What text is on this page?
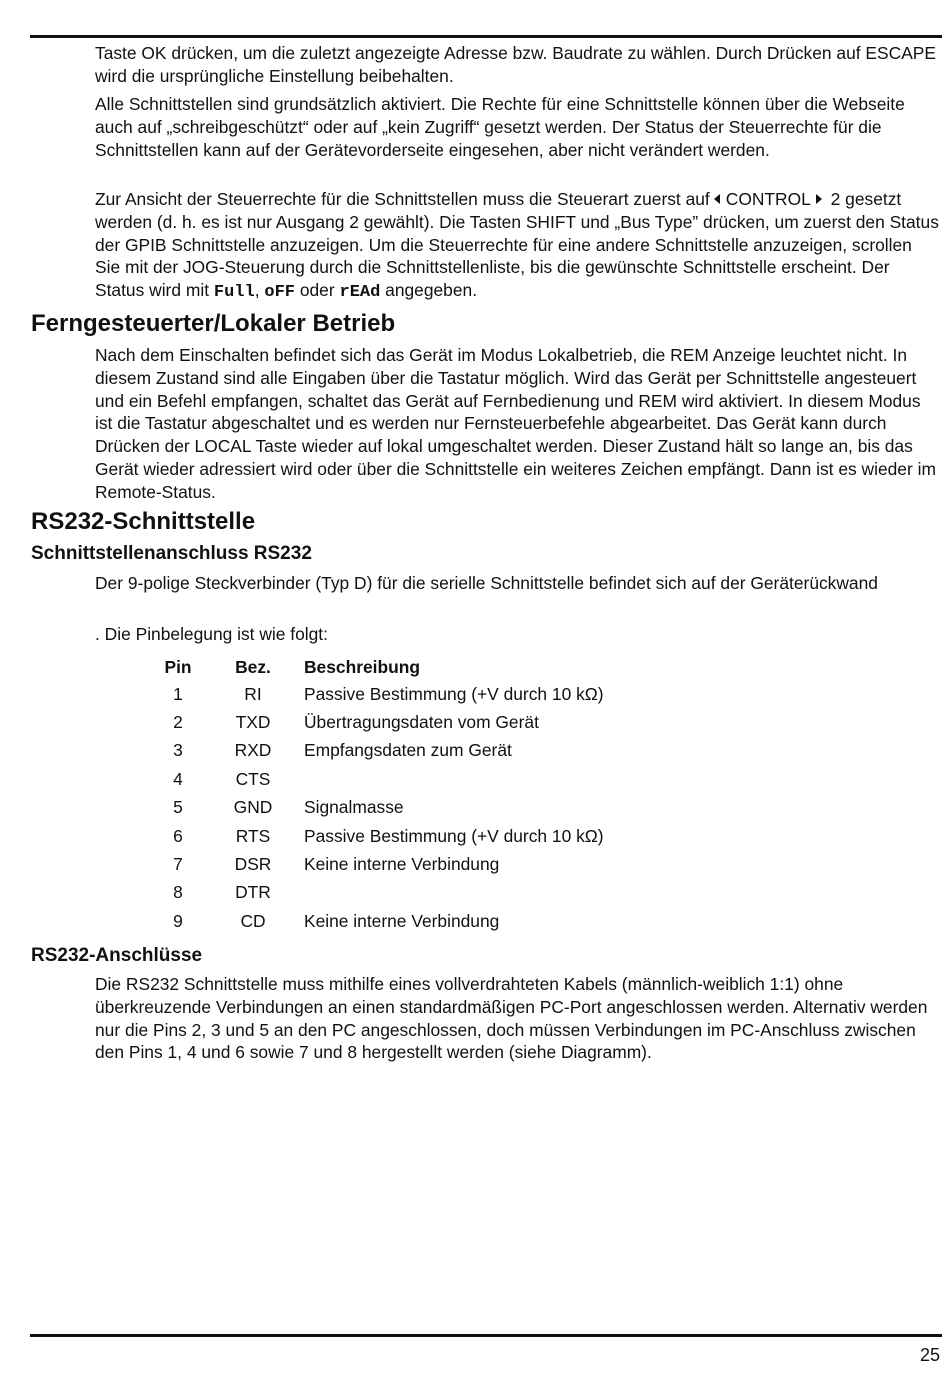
Taste OK drücken, um die zuletzt angezeigte Adresse bzw. Baudrate zu wählen. Durch Drücken auf ESCAPE wird die ursprüngliche Einstellung beibehalten.

Alle Schnittstellen sind grundsätzlich aktiviert. Die Rechte für eine Schnittstelle können über die Webseite auch auf „schreibgeschützt“ oder auf „kein Zugriff“ gesetzt werden. Der Status der Steuerrechte für die Schnittstellen kann auf der Gerätevorderseite eingesehen, aber nicht verändert werden.

Zur Ansicht der Steuerrechte für die Schnittstellen muss die Steuerart zuerst auf CONTROL 2 gesetzt werden (d. h. es ist nur Ausgang 2 gewählt). Die Tasten SHIFT und „Bus Type” drücken, um zuerst den Status der GPIB Schnittstelle anzuzeigen. Um die Steuerrechte für eine andere Schnittstelle anzuzeigen, scrollen Sie mit der JOG-Steuerung durch die Schnittstellenliste, bis die gewünschte Schnittstelle erscheint. Der Status wird mit Full, oFF oder rEAd angegeben.

Ferngesteuerter/Lokaler Betrieb

Nach dem Einschalten befindet sich das Gerät im Modus Lokalbetrieb, die REM Anzeige leuchtet nicht. In diesem Zustand sind alle Eingaben über die Tastatur möglich. Wird das Gerät per Schnittstelle angesteuert und ein Befehl empfangen, schaltet das Gerät auf Fernbedienung und REM wird aktiviert. In diesem Modus ist die Tastatur abgeschaltet und es werden nur Fernsteuerbefehle abgearbeitet. Das Gerät kann durch Drücken der LOCAL Taste wieder auf lokal umgeschaltet werden. Dieser Zustand hält so lange an, bis das Gerät wieder adressiert wird oder über die Schnittstelle ein weiteres Zeichen empfängt. Dann ist es wieder im Remote-Status.

RS232-Schnittstelle
Schnittstellenanschluss RS232

Der 9-polige Steckverbinder (Typ D) für die serielle Schnittstelle befindet sich auf der Geräterückwand

. Die Pinbelegung ist wie folgt:

Pin	Bez.	Beschreibung
1	RI	Passive Bestimmung (+V durch 10 kΩ)
2	TXD	Übertragungsdaten vom Gerät
3	RXD	Empfangsdaten zum Gerät
4	CTS	
5	GND	Signalmasse
6	RTS	Passive Bestimmung (+V durch 10 kΩ)
7	DSR	Keine interne Verbindung
8	DTR	
9	CD	Keine interne Verbindung
RS232-Anschlüsse

Die RS232 Schnittstelle muss mithilfe eines vollverdrahteten Kabels (männlich-weiblich 1:1) ohne überkreuzende Verbindungen an einen standardmäßigen PC-Port angeschlossen werden. Alternativ werden nur die Pins 2, 3 und 5 an den PC angeschlossen, doch müssen Verbindungen im PC-Anschluss zwischen den Pins 1, 4 und 6 sowie 7 und 8 hergestellt werden (siehe Diagramm).

25
